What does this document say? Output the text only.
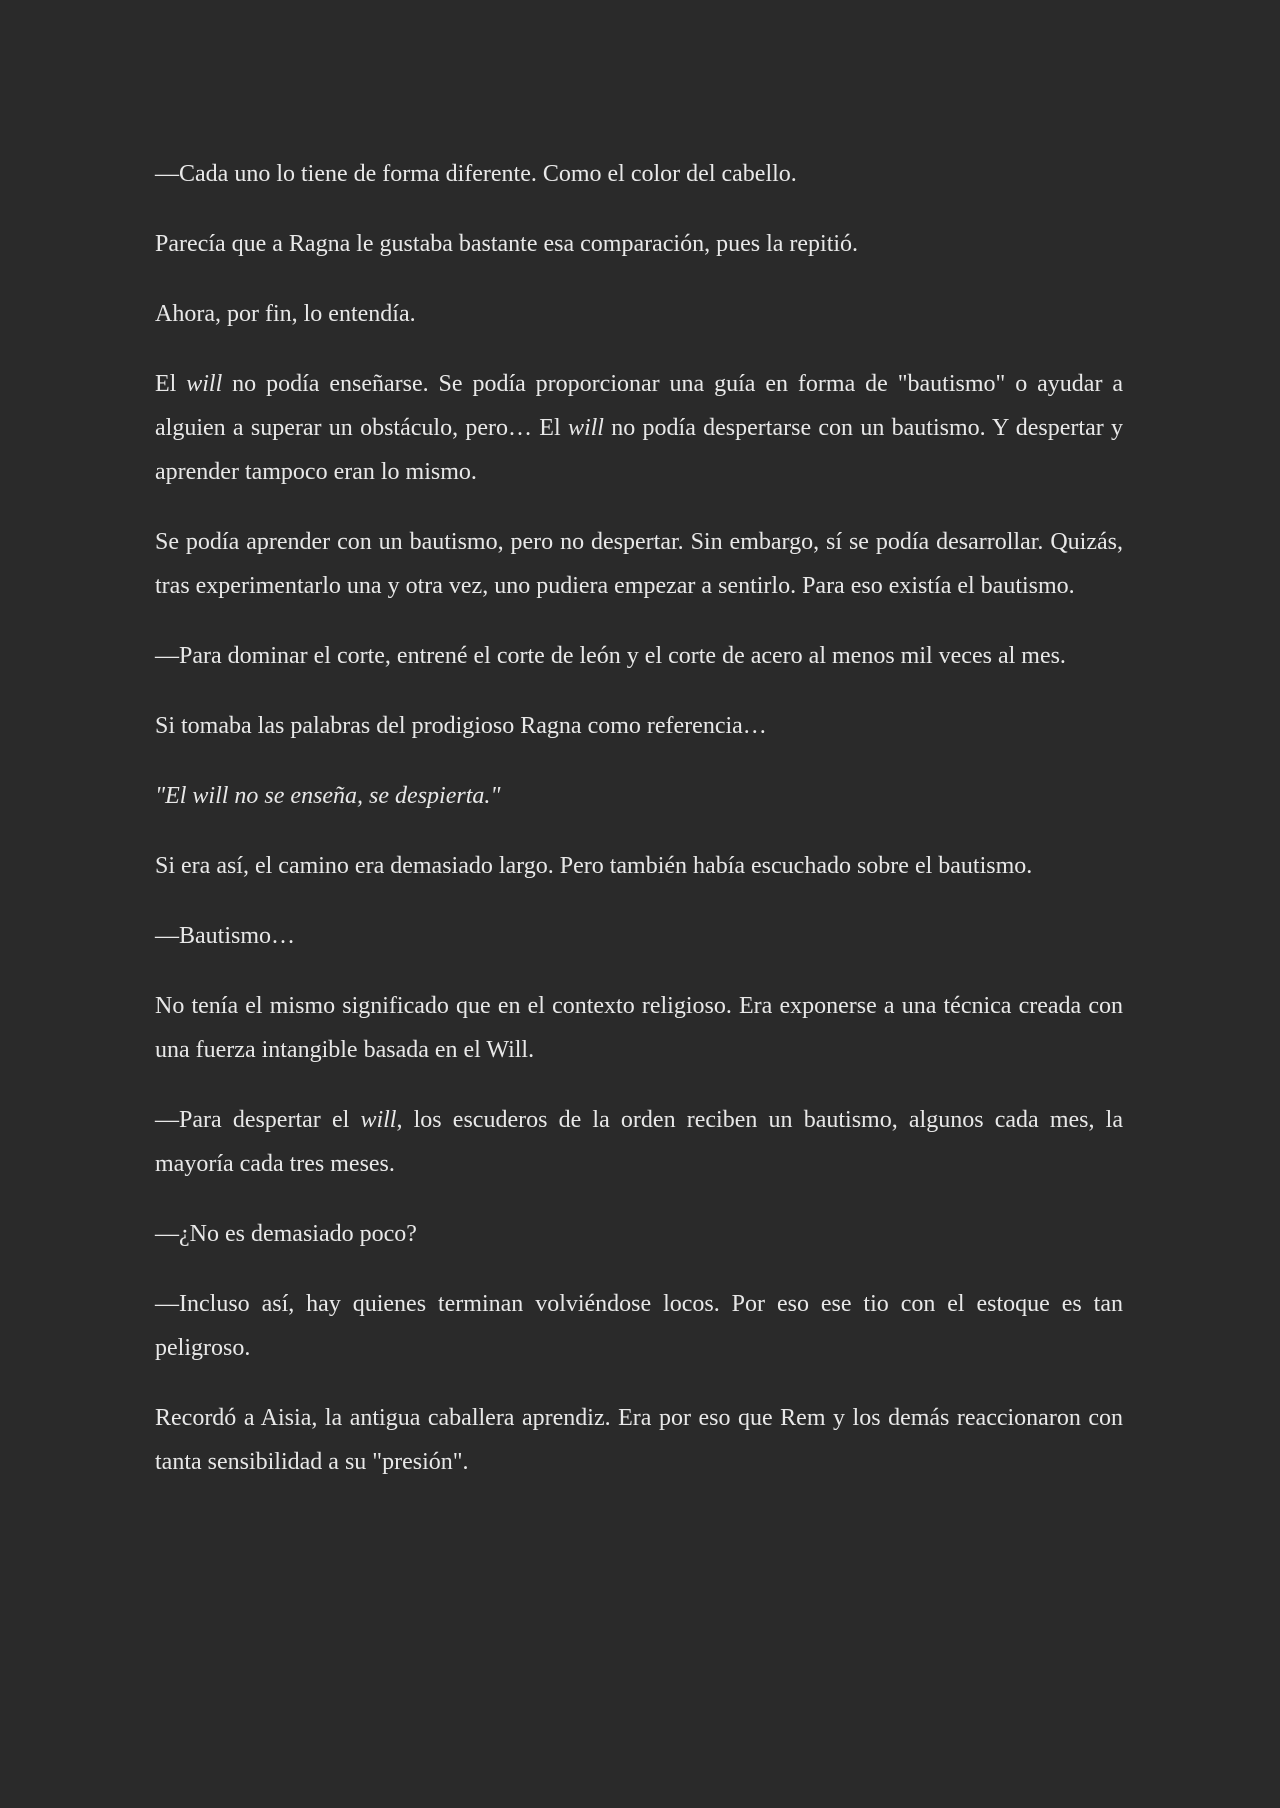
—Cada uno lo tiene de forma diferente. Como el color del cabello.

Parecía que a Ragna le gustaba bastante esa comparación, pues la repitió.

Ahora, por fin, lo entendía.

El will no podía enseñarse. Se podía proporcionar una guía en forma de "bautismo" o ayudar a alguien a superar un obstáculo, pero… El will no podía despertarse con un bautismo. Y despertar y aprender tampoco eran lo mismo.

Se podía aprender con un bautismo, pero no despertar. Sin embargo, sí se podía desarrollar. Quizás, tras experimentarlo una y otra vez, uno pudiera empezar a sentirlo. Para eso existía el bautismo.

—Para dominar el corte, entrené el corte de león y el corte de acero al menos mil veces al mes.

Si tomaba las palabras del prodigioso Ragna como referencia…

"El will no se enseña, se despierta."

Si era así, el camino era demasiado largo. Pero también había escuchado sobre el bautismo.

—Bautismo…

No tenía el mismo significado que en el contexto religioso. Era exponerse a una técnica creada con una fuerza intangible basada en el Will.

—Para despertar el will, los escuderos de la orden reciben un bautismo, algunos cada mes, la mayoría cada tres meses.

—¿No es demasiado poco?

—Incluso así, hay quienes terminan volviéndose locos. Por eso ese tio con el estoque es tan peligroso.

Recordó a Aisia, la antigua caballera aprendiz. Era por eso que Rem y los demás reaccionaron con tanta sensibilidad a su "presión".
